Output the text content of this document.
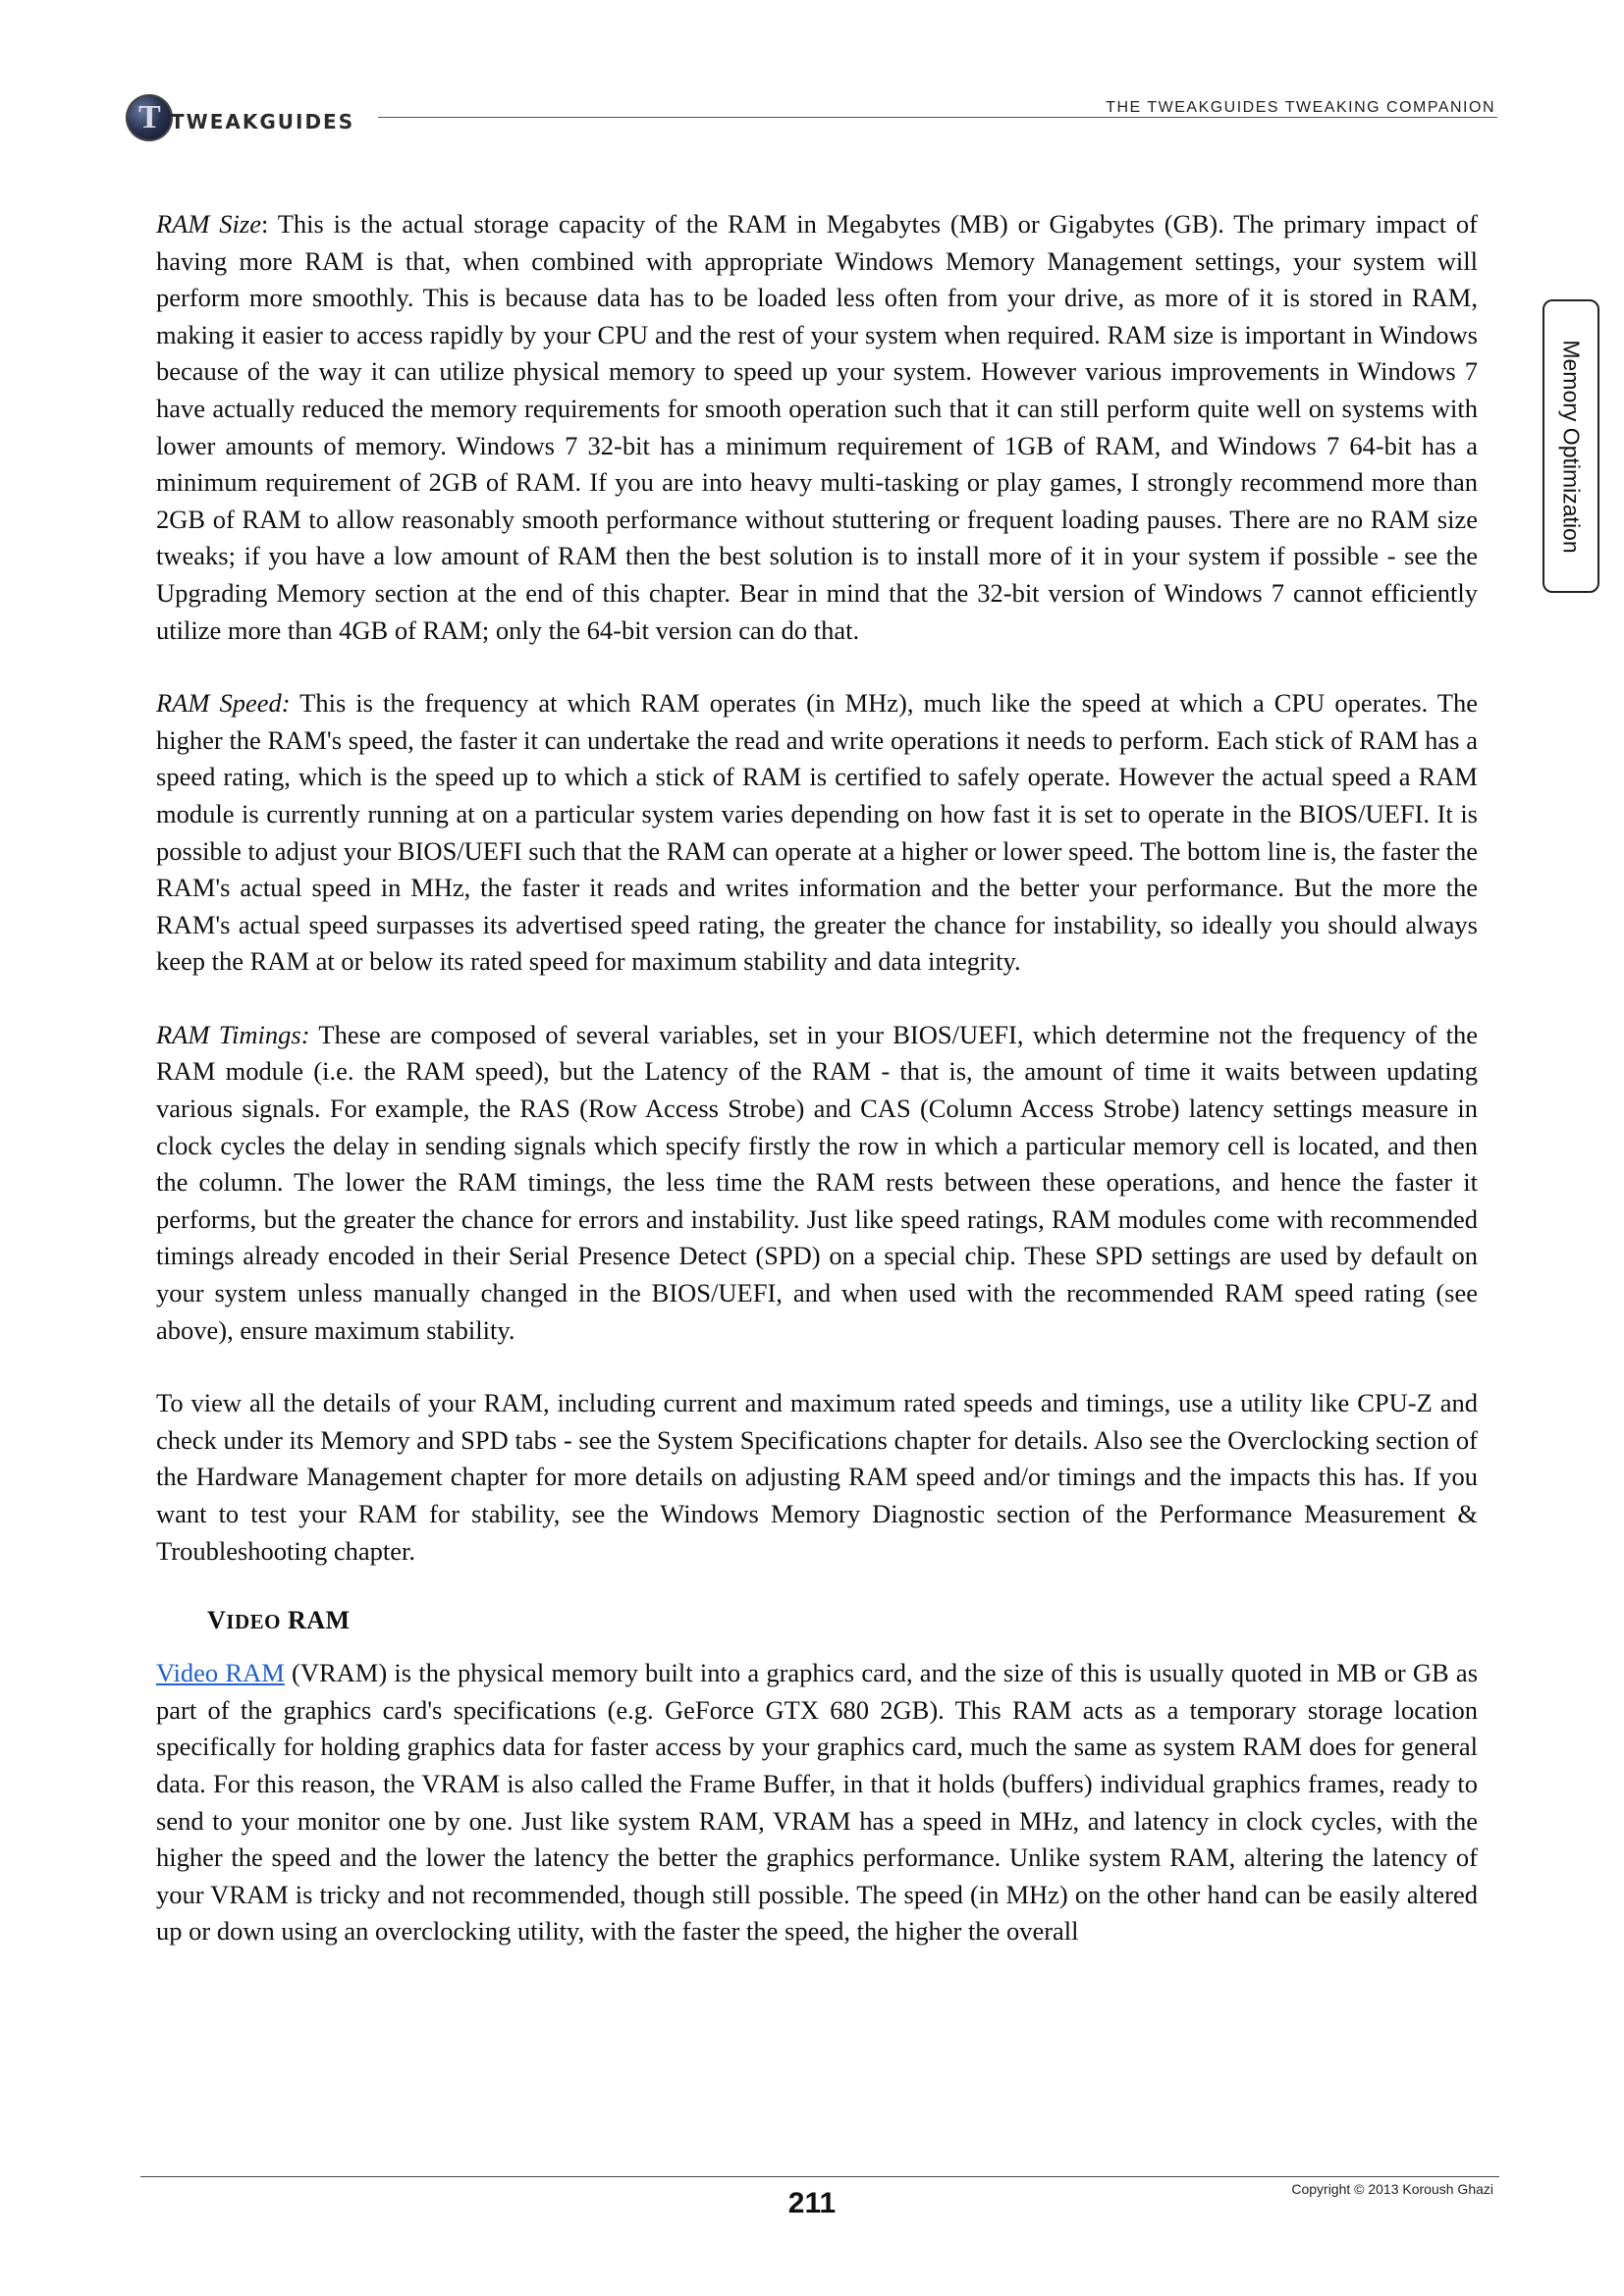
T TWEAKGUIDES
THE TWEAKGUIDES TWEAKING COMPANION
Memory Optimization

RAM Size: This is the actual storage capacity of the RAM in Megabytes (MB) or Gigabytes (GB). The primary impact of having more RAM is that, when combined with appropriate Windows Memory Management settings, your system will perform more smoothly. This is because data has to be loaded less often from your drive, as more of it is stored in RAM, making it easier to access rapidly by your CPU and the rest of your system when required. RAM size is important in Windows because of the way it can utilize physical memory to speed up your system. However various improvements in Windows 7 have actually reduced the memory requirements for smooth operation such that it can still perform quite well on systems with lower amounts of memory. Windows 7 32-bit has a minimum requirement of 1GB of RAM, and Windows 7 64-bit has a minimum requirement of 2GB of RAM. If you are into heavy multi-tasking or play games, I strongly recommend more than 2GB of RAM to allow reasonably smooth performance without stuttering or frequent loading pauses. There are no RAM size tweaks; if you have a low amount of RAM then the best solution is to install more of it in your system if possible - see the Upgrading Memory section at the end of this chapter. Bear in mind that the 32-bit version of Windows 7 cannot efficiently utilize more than 4GB of RAM; only the 64-bit version can do that.

RAM Speed: This is the frequency at which RAM operates (in MHz), much like the speed at which a CPU operates. The higher the RAM's speed, the faster it can undertake the read and write operations it needs to perform. Each stick of RAM has a speed rating, which is the speed up to which a stick of RAM is certified to safely operate. However the actual speed a RAM module is currently running at on a particular system varies depending on how fast it is set to operate in the BIOS/UEFI. It is possible to adjust your BIOS/UEFI such that the RAM can operate at a higher or lower speed. The bottom line is, the faster the RAM's actual speed in MHz, the faster it reads and writes information and the better your performance. But the more the RAM's actual speed surpasses its advertised speed rating, the greater the chance for instability, so ideally you should always keep the RAM at or below its rated speed for maximum stability and data integrity.

RAM Timings: These are composed of several variables, set in your BIOS/UEFI, which determine not the frequency of the RAM module (i.e. the RAM speed), but the Latency of the RAM - that is, the amount of time it waits between updating various signals. For example, the RAS (Row Access Strobe) and CAS (Column Access Strobe) latency settings measure in clock cycles the delay in sending signals which specify firstly the row in which a particular memory cell is located, and then the column. The lower the RAM timings, the less time the RAM rests between these operations, and hence the faster it performs, but the greater the chance for errors and instability. Just like speed ratings, RAM modules come with recommended timings already encoded in their Serial Presence Detect (SPD) on a special chip. These SPD settings are used by default on your system unless manually changed in the BIOS/UEFI, and when used with the recommended RAM speed rating (see above), ensure maximum stability.

To view all the details of your RAM, including current and maximum rated speeds and timings, use a utility like CPU-Z and check under its Memory and SPD tabs - see the System Specifications chapter for details. Also see the Overclocking section of the Hardware Management chapter for more details on adjusting RAM speed and/or timings and the impacts this has. If you want to test your RAM for stability, see the Windows Memory Diagnostic section of the Performance Measurement & Troubleshooting chapter.

VIDEO RAM

Video RAM (VRAM) is the physical memory built into a graphics card, and the size of this is usually quoted in MB or GB as part of the graphics card's specifications (e.g. GeForce GTX 680 2GB). This RAM acts as a temporary storage location specifically for holding graphics data for faster access by your graphics card, much the same as system RAM does for general data. For this reason, the VRAM is also called the Frame Buffer, in that it holds (buffers) individual graphics frames, ready to send to your monitor one by one. Just like system RAM, VRAM has a speed in MHz, and latency in clock cycles, with the higher the speed and the lower the latency the better the graphics performance. Unlike system RAM, altering the latency of your VRAM is tricky and not recommended, though still possible. The speed (in MHz) on the other hand can be easily altered up or down using an overclocking utility, with the faster the speed, the higher the overall

211	Copyright © 2013 Koroush Ghazi
